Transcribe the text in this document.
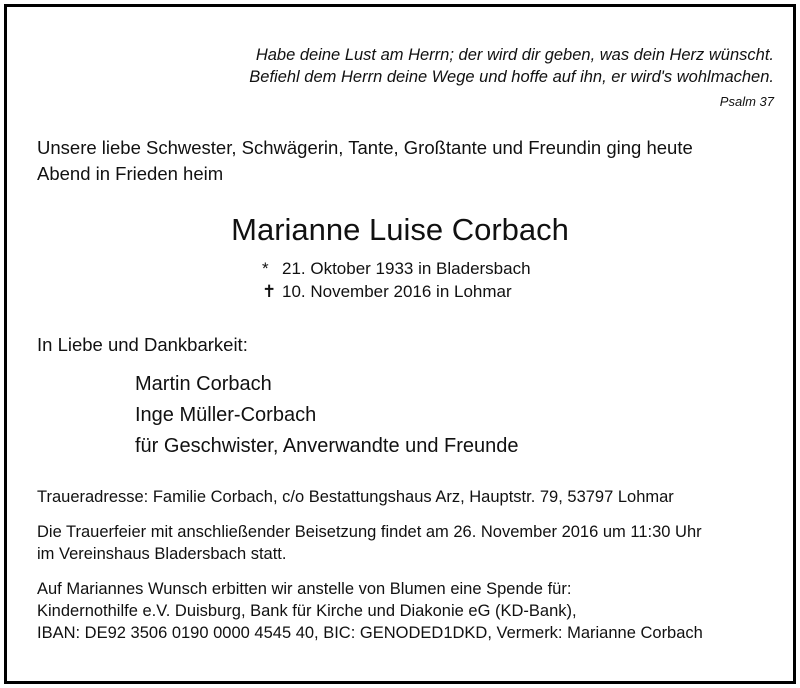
Habe deine Lust am Herrn; der wird dir geben, was dein Herz wünscht.
Befiehl dem Herrn deine Wege und hoffe auf ihn, er wird's wohlmachen.
Psalm 37
Unsere liebe Schwester, Schwägerin, Tante, Großtante und Freundin ging heute
Abend in Frieden heim
Marianne Luise Corbach
* 21. Oktober 1933 in Bladersbach
✝ 10. November 2016 in Lohmar
In Liebe und Dankbarkeit:
Martin Corbach
Inge Müller-Corbach
für Geschwister, Anverwandte und Freunde
Traueradresse: Familie Corbach, c/o Bestattungshaus Arz, Hauptstr. 79, 53797 Lohmar
Die Trauerfeier mit anschließender Beisetzung findet am 26. November 2016 um 11:30 Uhr
im Vereinshaus Bladersbach statt.
Auf Mariannes Wunsch erbitten wir anstelle von Blumen eine Spende für:
Kindernothilfe e.V. Duisburg, Bank für Kirche und Diakonie eG (KD-Bank),
IBAN: DE92 3506 0190 0000 4545 40, BIC: GENODED1DKD, Vermerk: Marianne Corbach
